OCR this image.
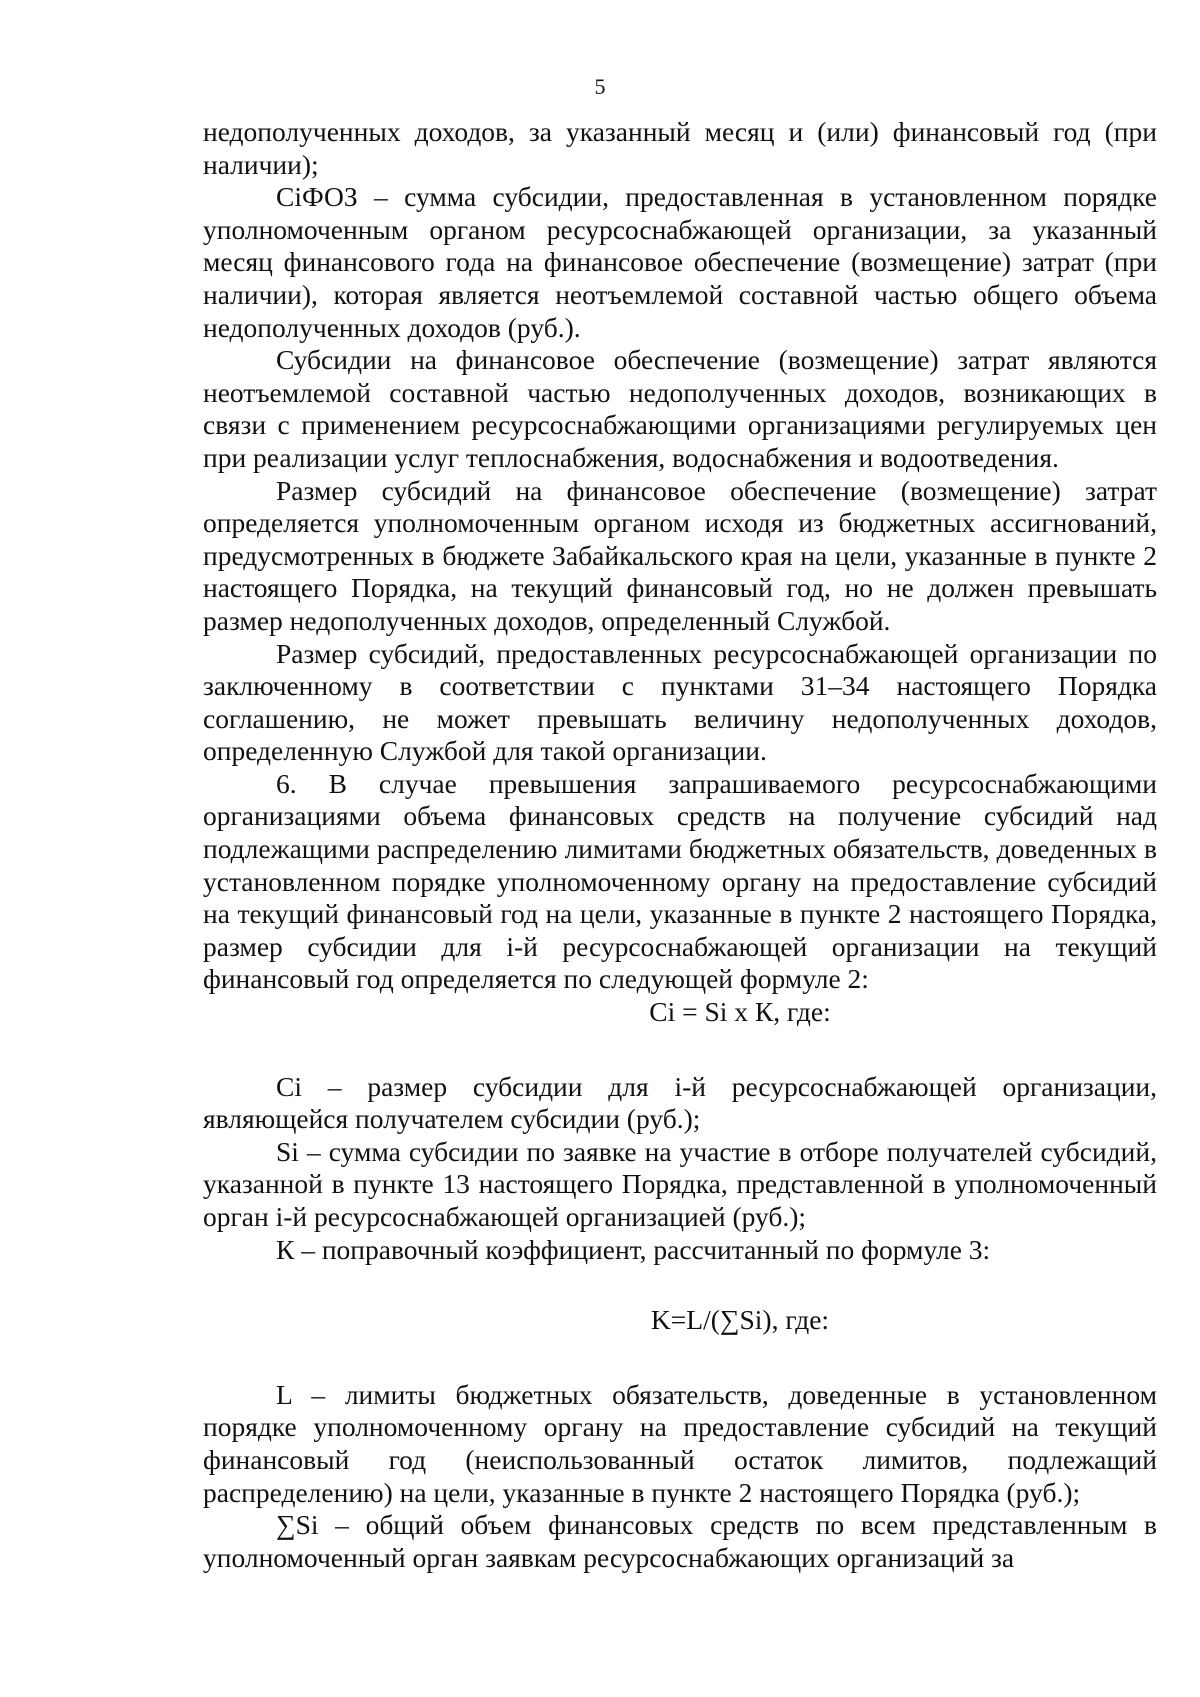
5

недополученных доходов, за указанный месяц и (или) финансовый год (при наличии);

СiФОЗ – сумма субсидии, предоставленная в установленном порядке уполномоченным органом ресурсоснабжающей организации, за указанный месяц финансового года на финансовое обеспечение (возмещение) затрат (при наличии), которая является неотъемлемой составной частью общего объема недополученных доходов (руб.).

Субсидии на финансовое обеспечение (возмещение) затрат являются неотъемлемой составной частью недополученных доходов, возникающих в связи с применением ресурсоснабжающими организациями регулируемых цен при реализации услуг теплоснабжения, водоснабжения и водоотведения.

Размер субсидий на финансовое обеспечение (возмещение) затрат определяется уполномоченным органом исходя из бюджетных ассигнований, предусмотренных в бюджете Забайкальского края на цели, указанные в пункте 2 настоящего Порядка, на текущий финансовый год, но не должен превышать размер недополученных доходов, определенный Службой.

Размер субсидий, предоставленных ресурсоснабжающей организации по заключенному в соответствии с пунктами 31–34 настоящего Порядка соглашению, не может превышать величину недополученных доходов, определенную Службой для такой организации.

6. В случае превышения запрашиваемого ресурсоснабжающими организациями объема финансовых средств на получение субсидий над подлежащими распределению лимитами бюджетных обязательств, доведенных в установленном порядке уполномоченному органу на предоставление субсидий на текущий финансовый год на цели, указанные в пункте 2 настоящего Порядка, размер субсидии для i-й ресурсоснабжающей организации на текущий финансовый год определяется по следующей формуле 2:

Ci = Si x К, где:

Ci – размер субсидии для i-й ресурсоснабжающей организации, являющейся получателем субсидии (руб.);

Si – сумма субсидии по заявке на участие в отборе получателей субсидий, указанной в пункте 13 настоящего Порядка, представленной в уполномоченный орган i-й ресурсоснабжающей организацией (руб.);

К – поправочный коэффициент, рассчитанный по формуле 3:

K=L/(∑Si), где:

L – лимиты бюджетных обязательств, доведенные в установленном порядке уполномоченному органу на предоставление субсидий на текущий финансовый год (неиспользованный остаток лимитов, подлежащий распределению) на цели, указанные в пункте 2 настоящего Порядка (руб.);

∑Si – общий объем финансовых средств по всем представленным в уполномоченный орган заявкам ресурсоснабжающих организаций за
